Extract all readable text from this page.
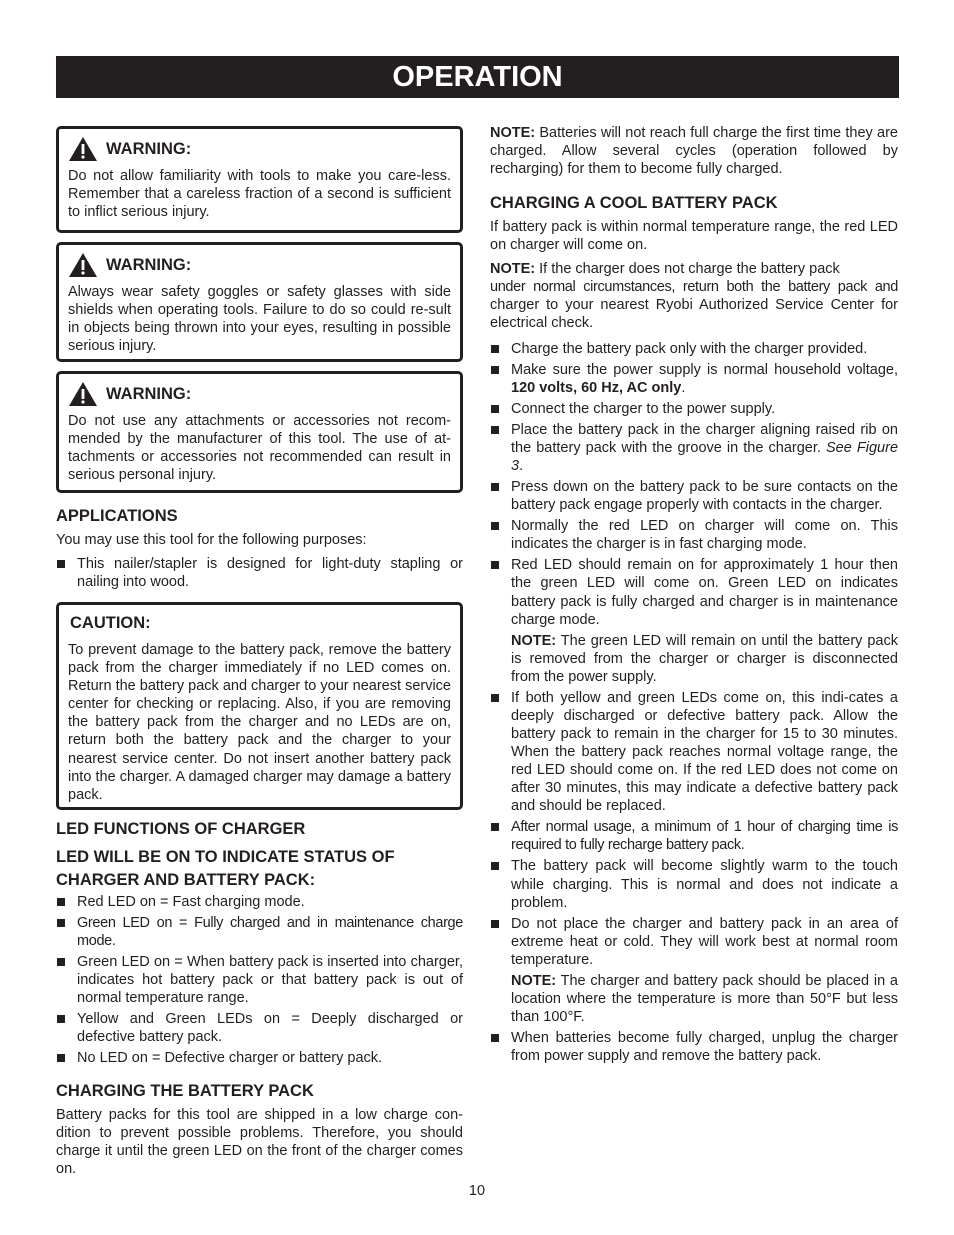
OPERATION
WARNING:
Do not allow familiarity with tools to make you care-less. Remember that a careless fraction of a second is sufficient to inflict serious injury.
WARNING:
Always wear safety goggles or safety glasses with side shields when operating tools. Failure to do so could re-sult in objects being thrown into your eyes, resulting in possible serious injury.
WARNING:
Do not use any attachments or accessories not recom-mended by the manufacturer of this tool. The use of at-tachments or accessories not recommended can result in serious personal injury.
APPLICATIONS
You may use this tool for the following purposes:
This nailer/stapler is designed for light-duty stapling or nailing into wood.
CAUTION:
To prevent damage to the battery pack, remove the battery pack from the charger immediately if no LED comes on. Return the battery pack and charger to your nearest service center for checking or replacing. Also, if you are removing the battery pack from the charger and no LEDs are on, return both the battery pack and the charger to your nearest service center. Do not insert another battery pack into the charger. A damaged charger may damage a battery pack.
LED FUNCTIONS OF CHARGER
LED WILL BE ON TO INDICATE STATUS OF CHARGER AND BATTERY PACK:
Red LED on = Fast charging mode.
Green LED on = Fully charged and in maintenance charge mode.
Green LED on = When battery pack is inserted into charger, indicates hot battery pack or that battery pack is out of normal temperature range.
Yellow and Green LEDs on = Deeply discharged or defective battery pack.
No LED on = Defective charger or battery pack.
CHARGING THE BATTERY PACK
Battery packs for this tool are shipped in a low charge con-dition to prevent possible problems. Therefore, you should charge it until the green LED on the front of the charger comes on.
NOTE: Batteries will not reach full charge the first time they are charged. Allow several cycles (operation followed by recharging) for them to become fully charged.
CHARGING A COOL BATTERY PACK
If battery pack is within normal temperature range, the red LED on charger will come on.
NOTE: If the charger does not charge the battery pack
under normal circumstances, return both the battery pack and
charger to your nearest Ryobi Authorized Service Center for electrical check.
Charge the battery pack only with the charger provided.
Make sure the power supply is normal household voltage, 120 volts, 60 Hz, AC only.
Connect the charger to the power supply.
Place the battery pack in the charger aligning raised rib on the battery pack with the groove in the charger. See Figure 3.
Press down on the battery pack to be sure contacts on the battery pack engage properly with contacts in the charger.
Normally the red LED on charger will come on. This indicates the charger is in fast charging mode.
Red LED should remain on for approximately 1 hour then the green LED will come on. Green LED on indicates battery pack is fully charged and charger is in maintenance charge mode.
NOTE: The green LED will remain on until the battery pack is removed from the charger or charger is disconnected from the power supply.
If both yellow and green LEDs come on, this indi-cates a deeply discharged or defective battery pack. Allow the battery pack to remain in the charger for 15 to 30 minutes. When the battery pack reaches normal voltage range, the red LED should come on. If the red LED does not come on after 30 minutes, this may indicate a defective battery pack and should be replaced.
After normal usage, a minimum of 1 hour of charging time is required to fully recharge battery pack.
The battery pack will become slightly warm to the touch while charging. This is normal and does not indicate a problem.
Do not place the charger and battery pack in an area of extreme heat or cold. They will work best at normal room temperature.
NOTE: The charger and battery pack should be placed in a location where the temperature is more than 50°F but less than 100°F.
When batteries become fully charged, unplug the charger from power supply and remove the battery pack.
10
